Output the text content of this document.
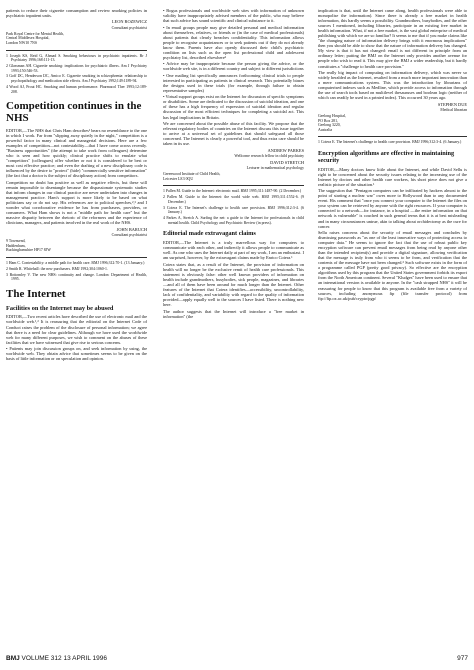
patients to reduce their cigarette consumption and review smoking policies in psychiatric inpatient units.

LEON ROZEWICZ

Consultant psychiatrist

Park Royal Centre for Mental Health,
Central Middlesex Hospital,
London NW10 7NS

1 Joseph KS, Reid G, Ahmad S. Smoking behaviours in psychiatric inpatients. Br J Psychiatry 1996;168:111-13.

2 Glassman AH. Cigarette smoking: implications for psychiatric illness. Am J Psychiatry 1993;150:546-53.

3 Goff DC, Henderson DC, Amico E. Cigarette smoking in schizophrenia: relationship to psychopathology and medication side effects. Am J Psychiatry 1992;149:1189-94.

4 Wood AJ, Prout HC. Smoking and human performance. Pharmacol Ther 1993;12:189-208.

Competition continues in the NHS

EDITOR,—The NHS that Chris Ham describes¹ bears no resemblance to the one in which I work. Far from "slipping away quietly in the night," competition is a powerful factor in many clinical and managerial decisions. Here are a few examples of competition—not contestability—that I have come across recently. "Business opportunities" (the attempt to take work from colleagues) determine who is seen and how quickly; clinical practice shifts to emulate what "competitors" (colleagues) offer whether or not it is considered to be best or most cost effective practice; and even the drafting of a new disciplinary code is influenced by the desire to "protect" (hide) "commercially sensitive information" (the fact that a doctor is the subject of disciplinary action) from competitors.

Competition no doubt has positive as well as negative effects, but these will remain impossible to disentangle because the dispassionate systematic studies that inform changes in our clinical practice are never undertaken into changes in management practice. Ham's support is more likely to be based on what politicians say or do not say. His references are to political speeches,²,³ and I wonder what corroborative evidence he has from purchasers, providers, or consumers. What Ham shows is not a "middle path for health care" but the massive disparity between the rhetoric of the reformers and the experience of clinicians, managers, and patients involved in the real work of the NHS.

JOHN BARUCH

Consultant psychiatrist

9 Townsend,
Haddenham,
Buckinghamshire HP17 8JW

1 Ham C. Contestability: a middle path for health care. BMJ 1996;312:70-1. (13 January.)

2 Smith R. Whitehall: the new purchasers. BMJ 1992;304:1060-1.

3 Bottomley V. The new NHS: continuity and change. London: Department of Health, 1995.

The Internet
Facilities on the Internet may be abused

EDITOR,—Two recent articles have described the use of electronic mail and the worldwide web.¹,² It is reassuring that the editorial on the Internet Code of Conduct raises the problem of the disclosure of personal information; we agree that there is a need for clear guidelines. Although we have used the worldwide web for many different purposes, we wish to comment on the abuses of these facilities that we have witnessed that give rise to serious concerns.

• Patients may join discussion groups on, and seek information by using, the worldwide web. They obtain advice that sometimes seems to be given on the basis of little information or on speculation and opinion.

• Bogus professionals and worldwide web sites with information of unknown validity have inappropriately advised members of the public, who may believe that such advice has sound scientific and clinical substance to it.

• In email groups people may give detailed personal and medical information about themselves, relatives, or friends or (in the case of medical professionals) about patients that clearly breaches confidentiality. This information allows people to recognise acquaintances or to seek patients out if they do not already know them. Parents have also openly discussed their child's psychiatric condition on lists such as the open list professional child and adolescent psychiatry list, described elsewhere³

• Advice may be inappropriate because the person giving the advice, or the worldwide web site, is in a different country and subject to different jurisdictions

• One mailing list specifically announces forthcoming clinical trials to people interested in participating as patients in clinical research. This potentially biases the designs used in these trials (for example, through failure to obtain representative samples)

• Virtual support groups exist on the Internet for discussion of specific symptoms or disabilities. Some are dedicated to the discussion of suicidal ideation, and one of these has a high frequency of expression of suicidal ideation and regular discussion of the most efficient techniques for completing a suicidal act. This has legal implications in Britain.

We are concerned about the possible abuse of this facility. We propose that the relevant regulatory bodies of countries on the Internet discuss this issue together to arrive at a universal set of guidelines that should safeguard all those concerned. The Internet is clearly a powerful tool, and thus extra care should be taken in its use.

ANDREW PARKES

Wellcome research fellow in child psychiatry

DAVID STRETCH

Lecturer in mathematical psychology

Greenwood Institute of Child Health,
Leicester LE3 0QU

1 Pallen M. Guide to the Internet: electronic mail. BMJ 1995;311:1487-90. (2 December.)

2 Pallen M. Guide to the Internet: the world wide web. BMJ 1995;311:1552-6. (9 December.)

3 Coiera E. The Internet's challenge to health care provision. BMJ 1996;312:3-4. (6 January.)

4 Parkes A, Stretch A. Surfing the net: a guide to the Internet for professionals in child mental health. Child Psychology and Psychiatric Review (in press).

Editorial made extravagant claims

EDITOR,—The Internet is a truly marvellous way for computers to communicate with each other, and indirectly it allows people to communicate as well. As one who uses the Internet daily at part of my work, I am an enthusiast. I am surprised, however, by the extravagant claims made by Enrico Coiera.¹

Coiera states that, as a result of the Internet, the provision of information on health will no longer be the exclusive remit of health care professionals. This statement is obviously false: other well known providers of information on health include grandmothers, busybodies, sick people, magazines, and libraries—and all of them have been around for much longer than the Internet. Other features of the Internet that Coiera identifies—accessibility, uncontrollability, lack of confidentiality, and variability with regard to the quality of information provided—apply equally well to the sources I have listed. There is nothing new here.

The author suggests that the Internet will introduce a "free market in information" (the

implication is that, until the Internet came along, health professionals were able to monopolise the information). Since there is already a free market in health information, this hardly seems a possibility. Grandmothers, busybodies, and the other sources I mentioned, including libraries, participate in an existing free market in health information. What, if not a free market, is the vast global enterprise of medical publishing with which we are so familiar? It seems to me that if you make claims like "the changing nature of information delivery brings with it enormous implications" then you should be able to show that the nature of information delivery has changed. My view is that it has not changed: email is not different in principle from an ordinary letter; putting the BMJ on the Internet only provides another avenue for people who wish to read it. This may give the BMJ a wider readership, but it hardly constitutes a "challenge to health care provision."

The really big impact of computing on information delivery, which was never so widely heralded as the Internet, resulted from a much more important innovation than a mere communications system. This was the introduction by librarians of computerised indexes such as Medline, which provide access to information through the use of search tools based on multilevel thesauruses and boolean logic (neither of which can readily be used in a printed index). This occurred 30 years ago.

STEPHEN DUE

Medical librarian

Geelong Hospital,
PO Box 281,
Geelong 3220,
Australia

1 Coiera E. The Internet's challenge to health care provision. BMJ 1996;312:3-4. (6 January.)

Encryption algorithms are effective in maintaining security

EDITOR,—Many doctors know little about the Internet, and while David Sellu is right to be concerned about the security issues relating to the increasing use of the Internet by doctors and other health care workers, his short piece does not give a realistic picture of the situation.¹

The suggestion that "Pentagon computers can be infiltrated by hackers almost to the point of starting a nuclear war" owes more to Hollywood than to any documented event. His comment that "once you connect your computer to the Internet the files on your system can be retrieved by anyone with the right resources. If your computer is connected to a network—for instance, in a hospital —the entire information on that network is vulnerable" is couched in such general terms that it is at best misleading and in many circumstances untrue, akin to talking about orchidectomy as the cure for cancer.

Sellu raises concerns about the security of email messages and concludes by dismissing passwords as "as one of the least innovative ways of protecting access to computer data." He seems to ignore the fact that the use of robust public key encryption software can prevent email messages from being read by anyone other than the intended recipient(s) and provide a digital signature, allowing verification that the message is truly from who it seems to be from, and verification that the contents of the message have not been changed.² Such software exists in the form of a programme called PGP (pretty good privacy). So effective are the encryption algorithms used by this program that the United States government forbids its export from the North American continent. Several "Kludges" have been used to ensure that an international version is available to anyone. In the "cash strapped NHS" it will be reassuring for people to know that this program is available free from a variety of sources, including anonymous ftp (file transfer protocol) from ftp://ftp.ox.ac.uk/pub/crypto/pgp/

BMJ VOLUME 312 13 APRIL 1996	977
